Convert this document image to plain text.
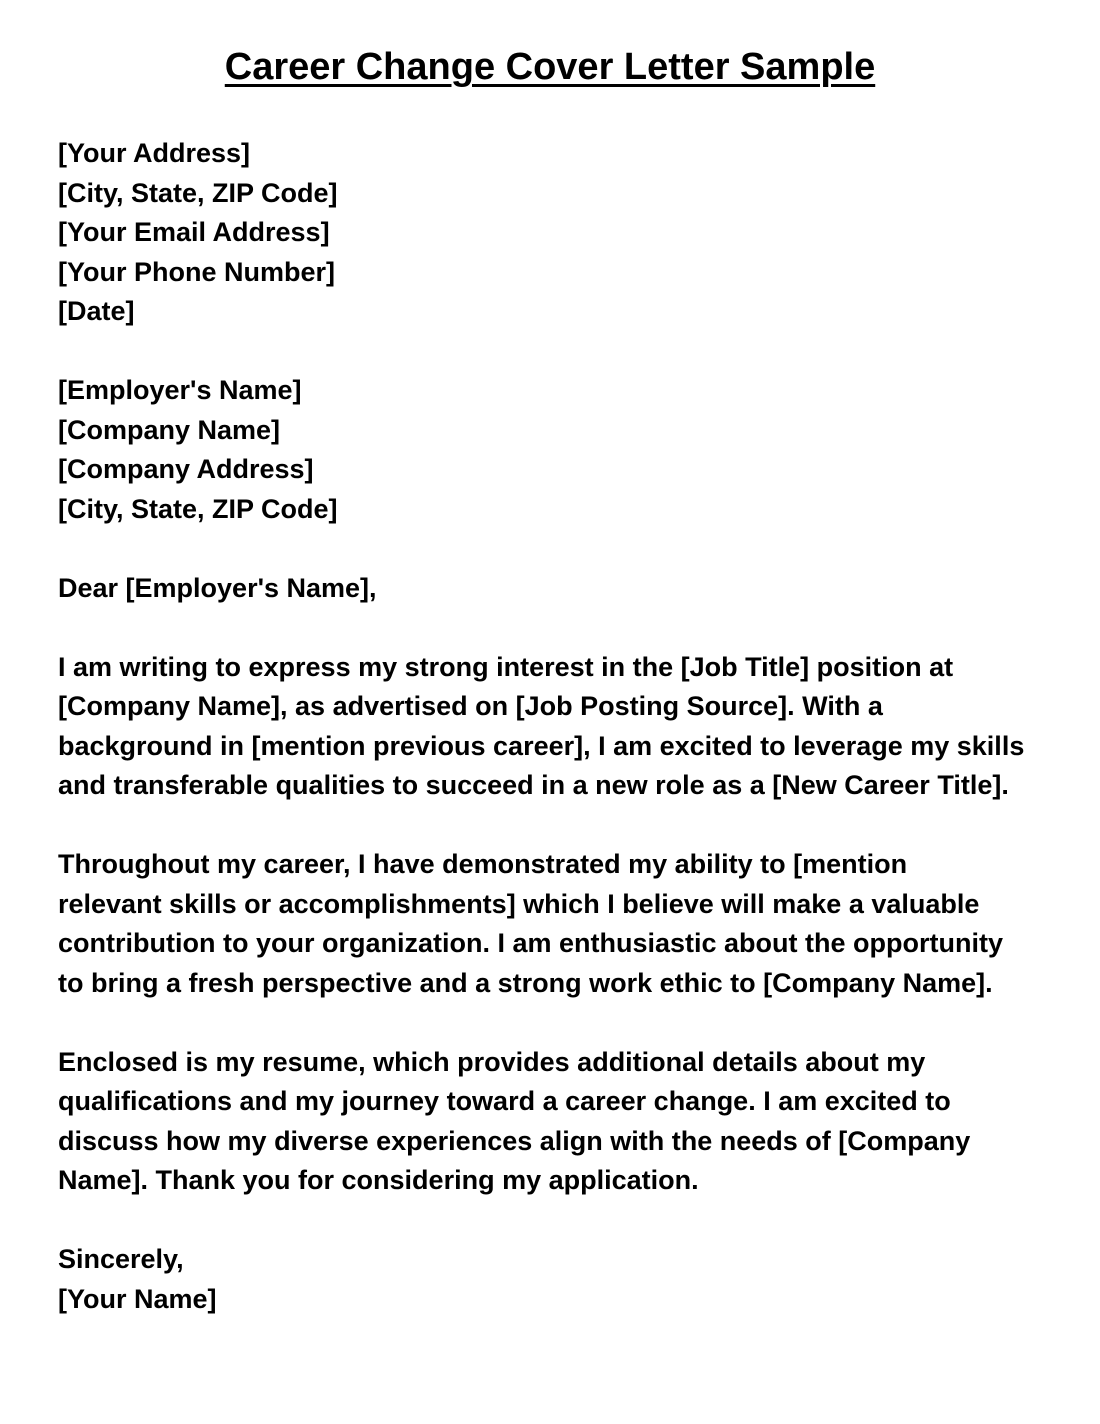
Career Change Cover Letter Sample
[Your Address]
[City, State, ZIP Code]
[Your Email Address]
[Your Phone Number]
[Date]
[Employer's Name]
[Company Name]
[Company Address]
[City, State, ZIP Code]
Dear [Employer's Name],
I am writing to express my strong interest in the [Job Title] position at
[Company Name], as advertised on [Job Posting Source]. With a
background in [mention previous career], I am excited to leverage my skills
and transferable qualities to succeed in a new role as a [New Career Title].
Throughout my career, I have demonstrated my ability to [mention
relevant skills or accomplishments] which I believe will make a valuable
contribution to your organization. I am enthusiastic about the opportunity
to bring a fresh perspective and a strong work ethic to [Company Name].
Enclosed is my resume, which provides additional details about my
qualifications and my journey toward a career change. I am excited to
discuss how my diverse experiences align with the needs of [Company
Name]. Thank you for considering my application.
Sincerely,
[Your Name]
